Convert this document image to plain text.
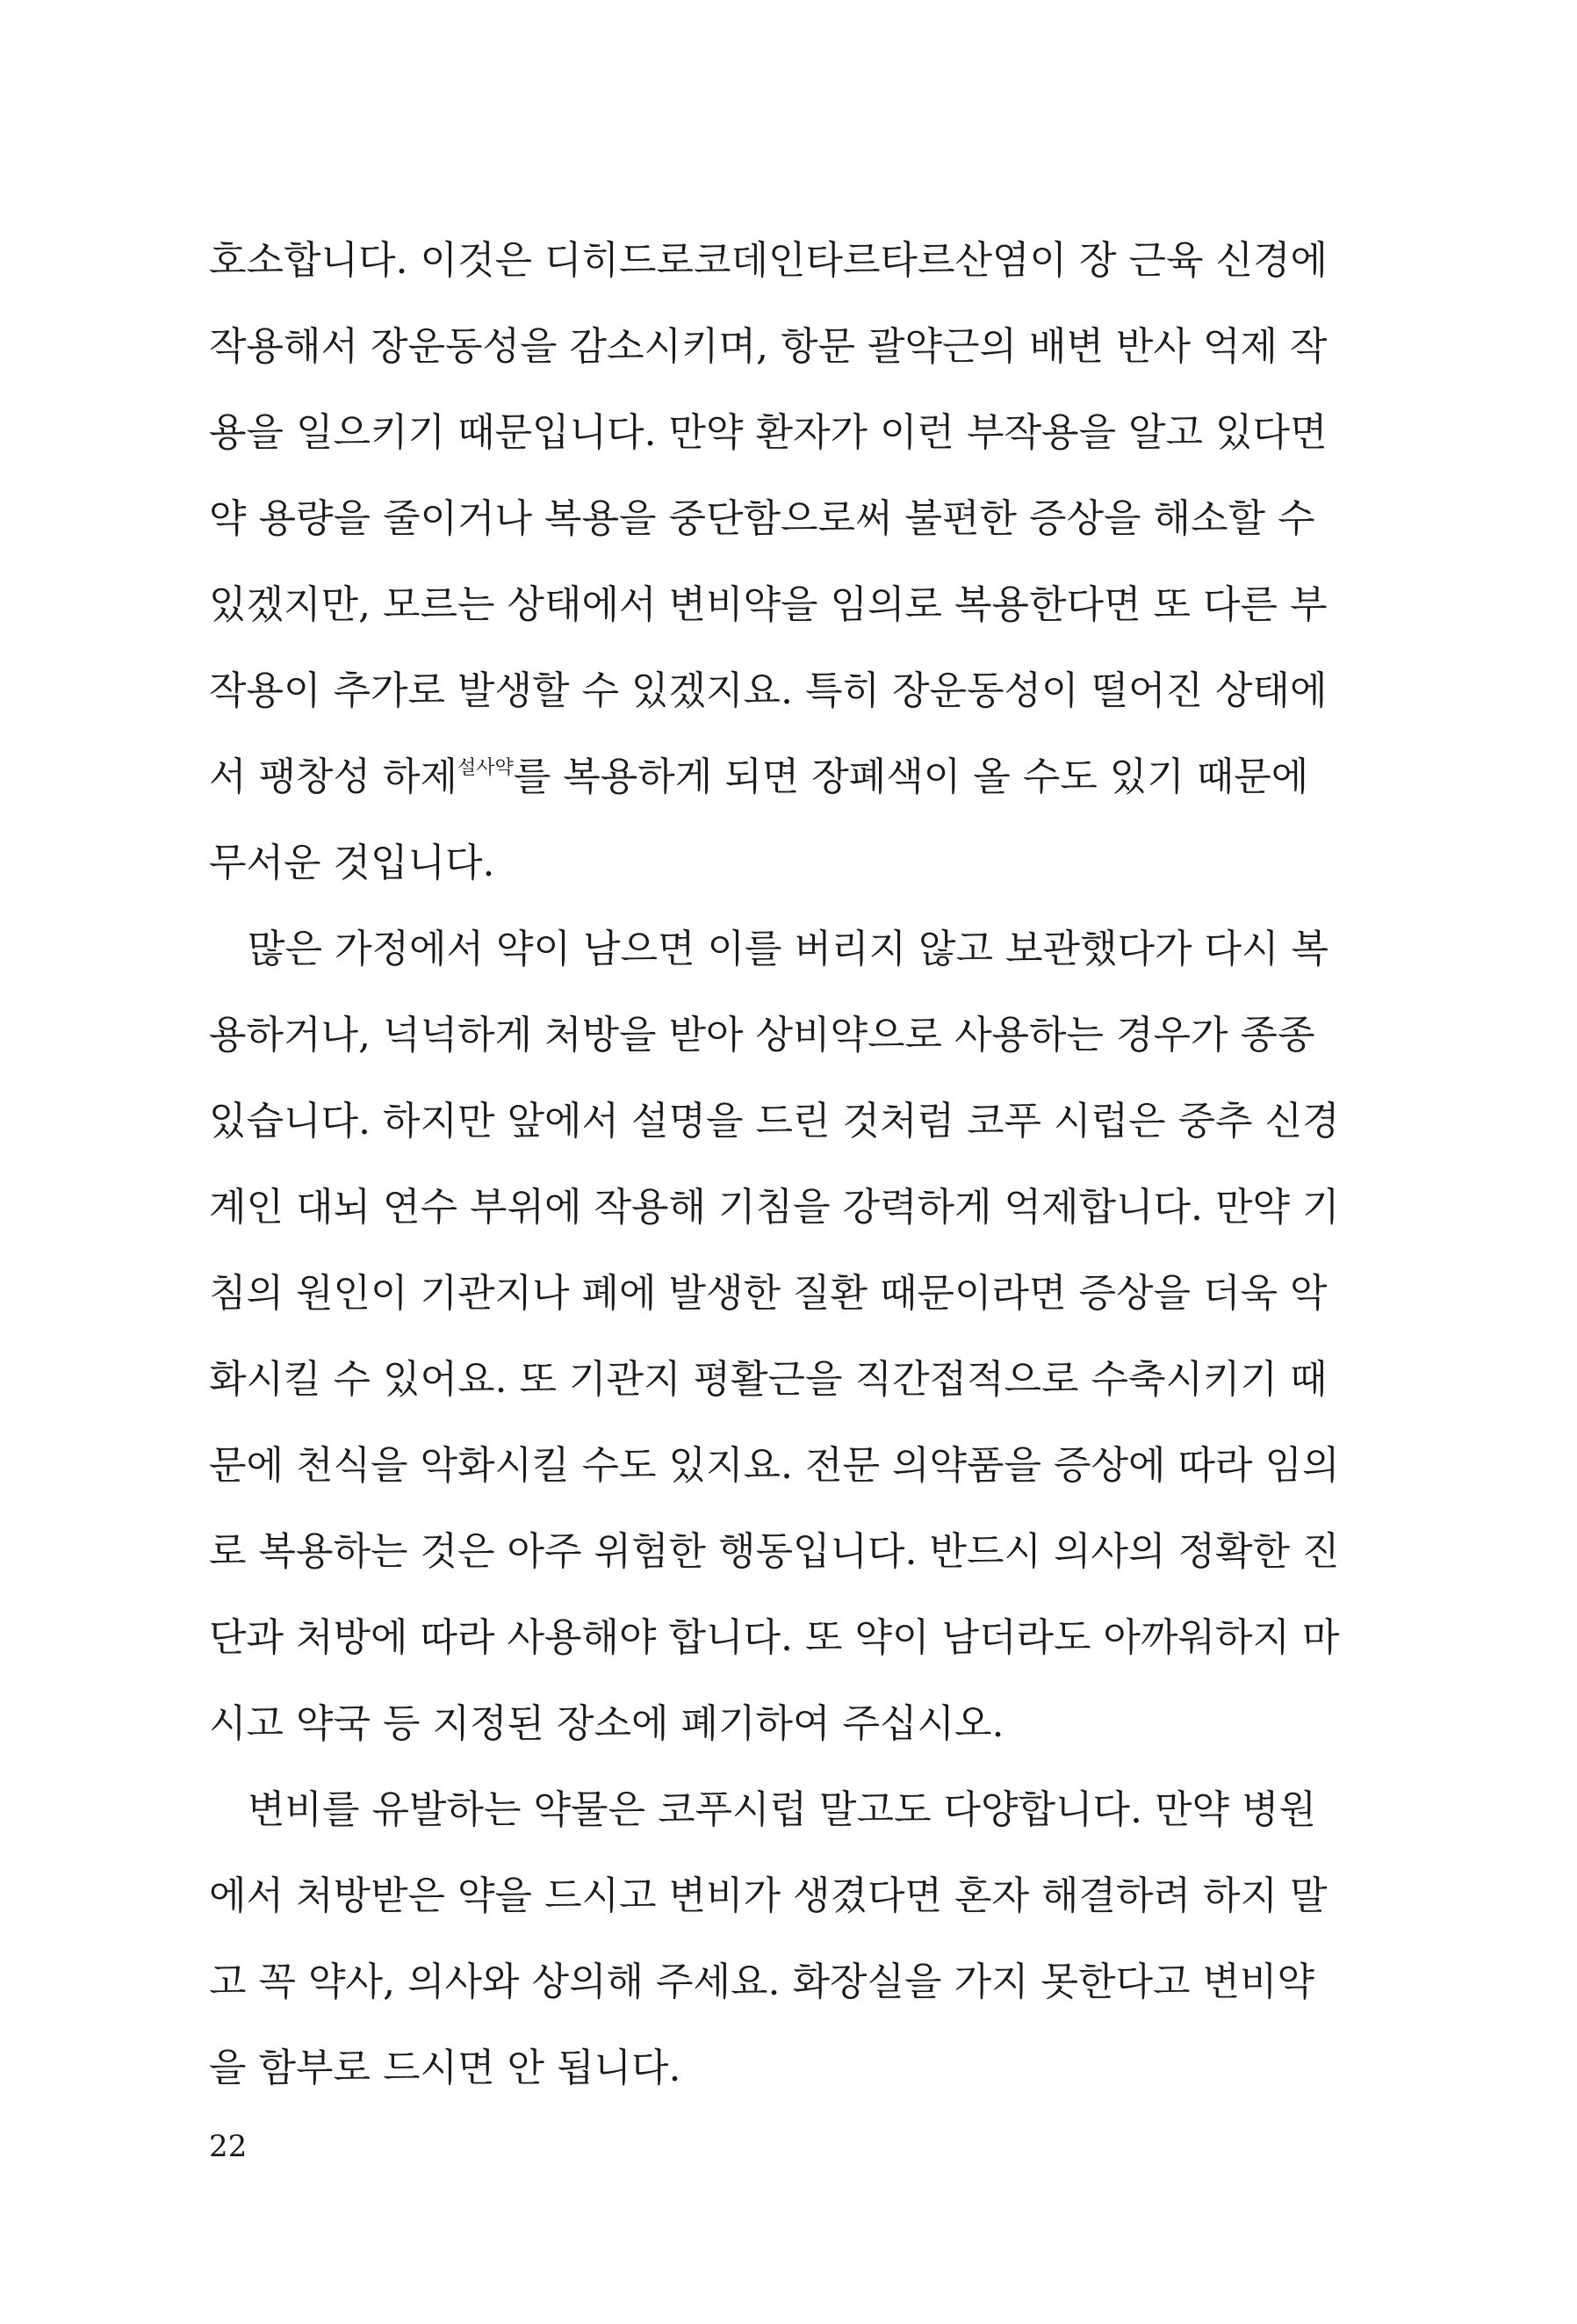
호소합니다. 이것은 디히드로코데인타르타르산염이 장 근육 신경에
작용해서 장운동성을 감소시키며, 항문 괄약근의 배변 반사 억제 작
용을 일으키기 때문입니다. 만약 환자가 이런 부작용을 알고 있다면
약 용량을 줄이거나 복용을 중단함으로써 불편한 증상을 해소할 수
있겠지만, 모르는 상태에서 변비약을 임의로 복용한다면 또 다른 부
작용이 추가로 발생할 수 있겠지요. 특히 장운동성이 떨어진 상태에
서 팽창성 하제$^{설사약}$를 복용하게 되면 장폐색이 올 수도 있기 때문에
무서운 것입니다.

많은 가정에서 약이 남으면 이를 버리지 않고 보관했다가 다시 복
용하거나, 넉넉하게 처방을 받아 상비약으로 사용하는 경우가 종종
있습니다. 하지만 앞에서 설명을 드린 것처럼 코푸 시럽은 중추 신경
계인 대뇌 연수 부위에 작용해 기침을 강력하게 억제합니다. 만약 기
침의 원인이 기관지나 폐에 발생한 질환 때문이라면 증상을 더욱 악
화시킬 수 있어요. 또 기관지 평활근을 직간접적으로 수축시키기 때
문에 천식을 악화시킬 수도 있지요. 전문 의약품을 증상에 따라 임의
로 복용하는 것은 아주 위험한 행동입니다. 반드시 의사의 정확한 진
단과 처방에 따라 사용해야 합니다. 또 약이 남더라도 아까워하지 마
시고 약국 등 지정된 장소에 폐기하여 주십시오.

변비를 유발하는 약물은 코푸시럽 말고도 다양합니다. 만약 병원
에서 처방받은 약을 드시고 변비가 생겼다면 혼자 해결하려 하지 말
고 꼭 약사, 의사와 상의해 주세요. 화장실을 가지 못한다고 변비약
을 함부로 드시면 안 됩니다.

22
